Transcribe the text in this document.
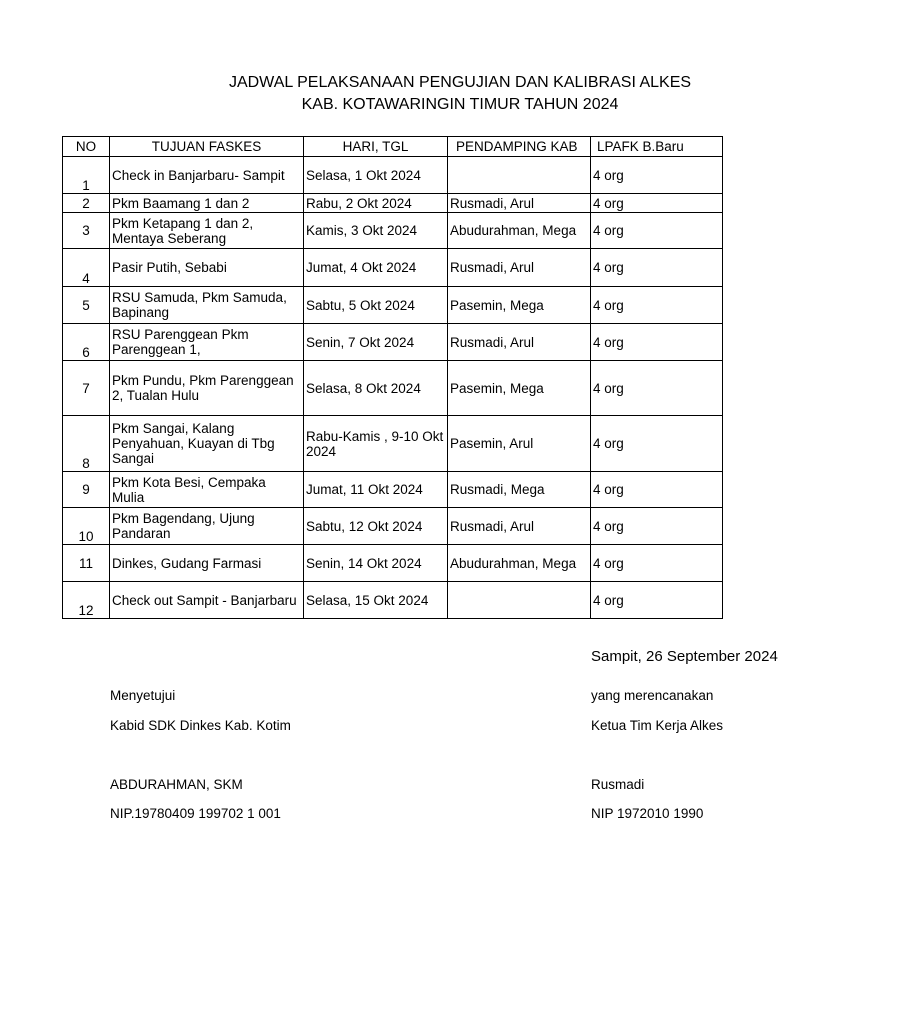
JADWAL PELAKSANAAN PENGUJIAN DAN KALIBRASI ALKES
KAB. KOTAWARINGIN TIMUR TAHUN 2024
NO	TUJUAN FASKES	HARI, TGL	PENDAMPING KAB	LPAFK B.Baru
1	Check in Banjarbaru- Sampit	Selasa, 1 Okt 2024		4 org
2	Pkm Baamang 1 dan 2	Rabu, 2 Okt 2024	Rusmadi, Arul	4 org
3	Pkm Ketapang 1 dan 2, Mentaya Seberang	Kamis, 3 Okt 2024	Abudurahman, Mega	4 org
4	Pasir Putih, Sebabi	Jumat, 4 Okt 2024	Rusmadi, Arul	4 org
5	RSU Samuda, Pkm Samuda, Bapinang	Sabtu, 5 Okt 2024	Pasemin, Mega	4 org
6	RSU Parenggean Pkm Parenggean 1,	Senin, 7 Okt 2024	Rusmadi, Arul	4 org
7	Pkm Pundu, Pkm Parenggean 2, Tualan Hulu	Selasa, 8 Okt 2024	Pasemin, Mega	4 org
8	Pkm Sangai, Kalang Penyahuan, Kuayan di Tbg Sangai	Rabu-Kamis , 9-10 Okt 2024	Pasemin, Arul	4 org
9	Pkm Kota Besi, Cempaka Mulia	Jumat, 11 Okt 2024	Rusmadi, Mega	4 org
10	Pkm Bagendang, Ujung Pandaran	Sabtu, 12 Okt 2024	Rusmadi, Arul	4 org
11	Dinkes, Gudang Farmasi	Senin, 14 Okt 2024	Abudurahman, Mega	4 org
12	Check out Sampit - Banjarbaru	Selasa, 15 Okt 2024		4 org
Sampit, 26 September 2024
Menyetujui
Kabid SDK Dinkes Kab. Kotim
ABDURAHMAN, SKM
NIP.19780409 199702 1 001
yang merencanakan
Ketua Tim Kerja Alkes
Rusmadi
NIP 1972010 1990
